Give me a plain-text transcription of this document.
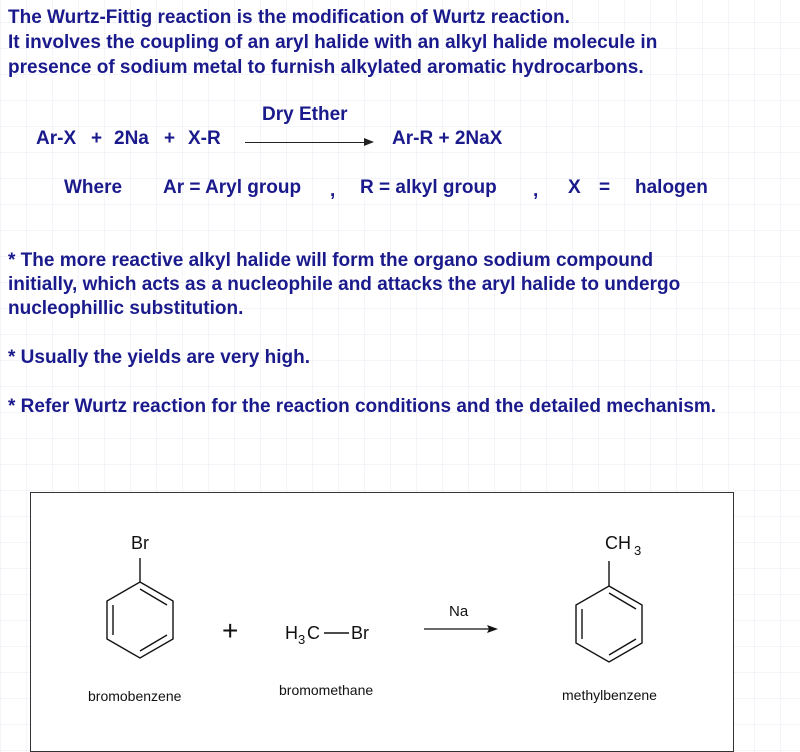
The Wurtz-Fittig reaction is the modification of Wurtz reaction.
It involves the coupling of an aryl halide with an alkyl halide molecule in
presence of sodium metal to furnish alkylated aromatic hydrocarbons.
Ar-X + 2Na + X-R
Dry Ether
Ar-R + 2NaX
Where Ar = Aryl group , R = alkyl group , X = halogen
* The more reactive alkyl halide will form the organo sodium compound
initially, which acts as a nucleophile and attacks the aryl halide to undergo
nucleophillic substitution.
* Usually the yields are very high.
* Refer Wurtz reaction for the reaction conditions and the detailed mechanism.
Br
+	H 3 C Br
Na
CH 3
bromobenzene	bromomethane	methylbenzene
